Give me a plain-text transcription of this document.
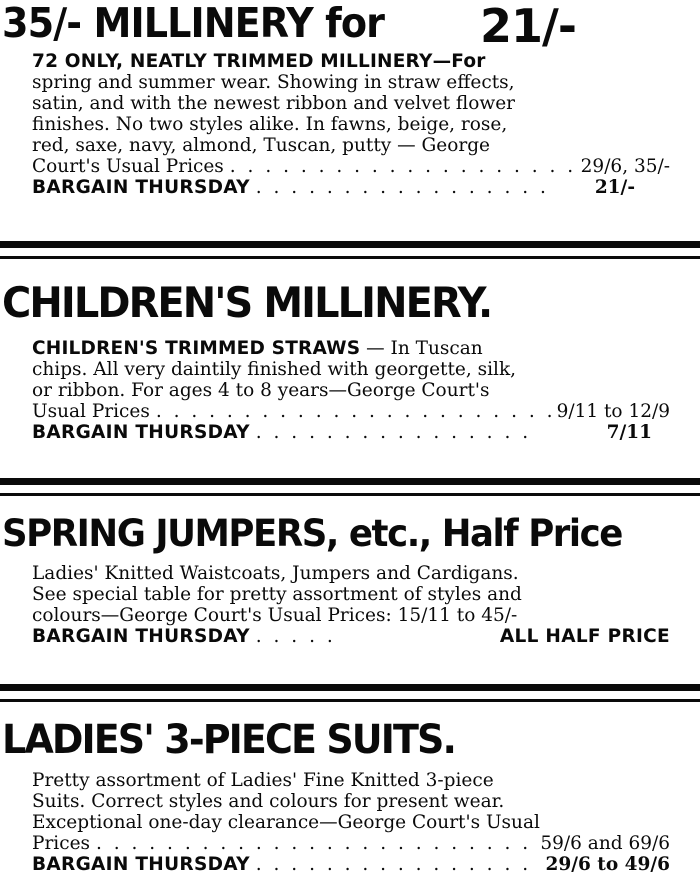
35/- MILLINERY for	21/-
72 ONLY, NEATLY TRIMMED MILLINERY—For
spring and summer wear. Showing in straw effects,
satin, and with the newest ribbon and velvet flower
finishes. No two styles alike. In fawns, beige, rose,
red, saxe, navy, almond, Tuscan, putty — George
Court's Usual Prices . . .	29/6, 35/-
BARGAIN THURSDAY . . .	21/-
CHILDREN'S MILLINERY.
CHILDREN'S TRIMMED STRAWS — In Tuscan
chips. All very daintily finished with georgette, silk,
or ribbon. For ages 4 to 8 years—George Court's
Usual Prices . . .	9/11 to 12/9
BARGAIN THURSDAY . . .	7/11
SPRING JUMPERS, etc., Half Price
Ladies' Knitted Waistcoats, Jumpers and Cardigans.
See special table for pretty assortment of styles and
colours—George Court's Usual Prices: 15/11 to 45/-
BARGAIN THURSDAY . . .	ALL HALF PRICE
LADIES' 3-PIECE SUITS.
Pretty assortment of Ladies' Fine Knitted 3-piece
Suits. Correct styles and colours for present wear.
Exceptional one-day clearance—George Court's Usual
Prices . . .	59/6 and 69/6
BARGAIN THURSDAY . . .	29/6 to 49/6
